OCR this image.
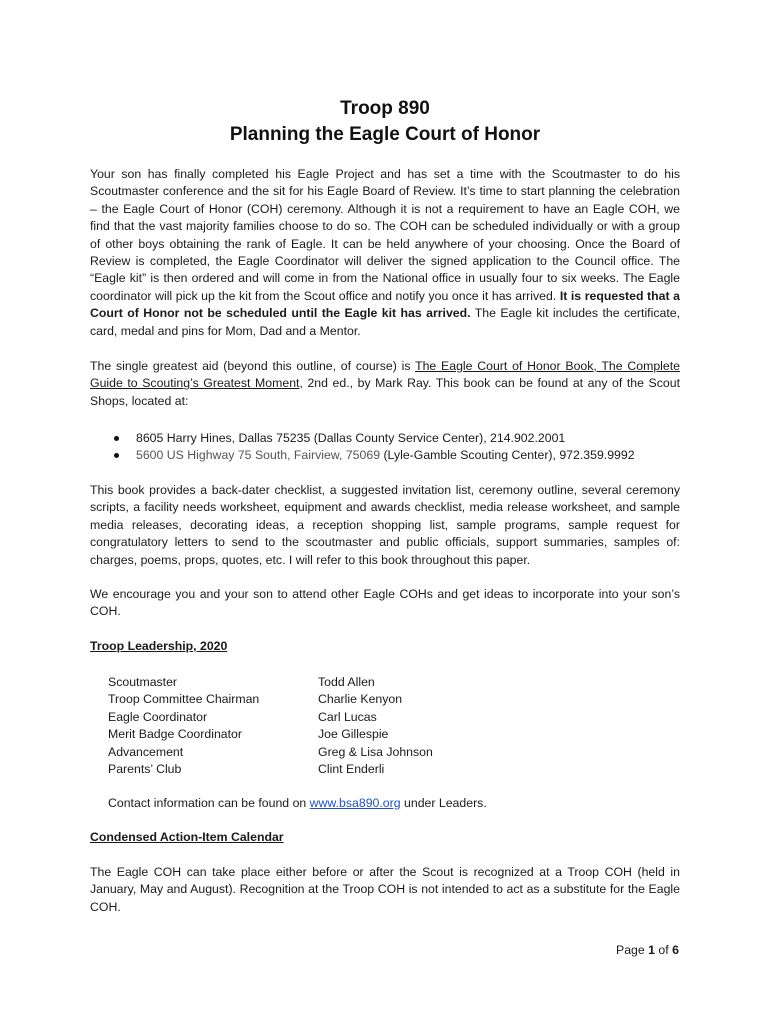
Troop 890
Planning the Eagle Court of Honor

Your son has finally completed his Eagle Project and has set a time with the Scoutmaster to do his Scoutmaster conference and the sit for his Eagle Board of Review. It’s time to start planning the celebration – the Eagle Court of Honor (COH) ceremony. Although it is not a requirement to have an Eagle COH, we find that the vast majority families choose to do so. The COH can be scheduled individually or with a group of other boys obtaining the rank of Eagle. It can be held anywhere of your choosing. Once the Board of Review is completed, the Eagle Coordinator will deliver the signed application to the Council office. The “Eagle kit” is then ordered and will come in from the National office in usually four to six weeks. The Eagle coordinator will pick up the kit from the Scout office and notify you once it has arrived. It is requested that a Court of Honor not be scheduled until the Eagle kit has arrived. The Eagle kit includes the certificate, card, medal and pins for Mom, Dad and a Mentor.

The single greatest aid (beyond this outline, of course) is The Eagle Court of Honor Book, The Complete Guide to Scouting’s Greatest Moment, 2nd ed., by Mark Ray. This book can be found at any of the Scout Shops, located at:

8605 Harry Hines, Dallas 75235 (Dallas County Service Center), 214.902.2001
5600 US Highway 75 South, Fairview, 75069 (Lyle-Gamble Scouting Center), 972.359.9992

This book provides a back-dater checklist, a suggested invitation list, ceremony outline, several ceremony scripts, a facility needs worksheet, equipment and awards checklist, media release worksheet, and sample media releases, decorating ideas, a reception shopping list, sample programs, sample request for congratulatory letters to send to the scoutmaster and public officials, support summaries, samples of: charges, poems, props, quotes, etc. I will refer to this book throughout this paper.

We encourage you and your son to attend other Eagle COHs and get ideas to incorporate into your son’s COH.

Troop Leadership, 2020
Scoutmaster
Troop Committee Chairman
Eagle Coordinator
Merit Badge Coordinator
Advancement
Parents’ Club
Todd Allen
Charlie Kenyon
Carl Lucas
Joe Gillespie
Greg & Lisa Johnson
Clint Enderli
Contact information can be found on www.bsa890.org under Leaders.
Condensed Action-Item Calendar

The Eagle COH can take place either before or after the Scout is recognized at a Troop COH (held in January, May and August). Recognition at the Troop COH is not intended to act as a substitute for the Eagle COH.

Page 1 of 6
